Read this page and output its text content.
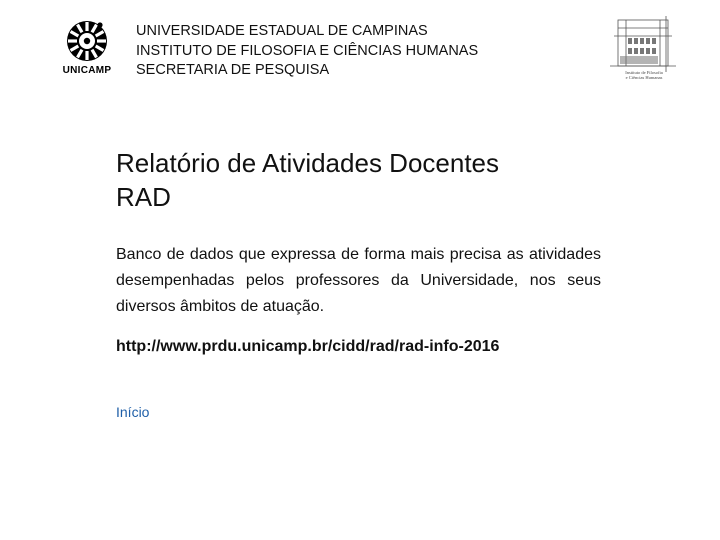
UNICAMP
UNIVERSIDADE ESTADUAL DE CAMPINAS
INSTITUTO DE FILOSOFIA E CIÊNCIAS HUMANAS
SECRETARIA DE PESQUISA	Instituto de Filosofia
e Ciências Humanas
Relatório de Atividades Docentes
RAD
Banco de dados que expressa de forma mais precisa as atividades desempenhadas pelos professores da Universidade, nos seus diversos âmbitos de atuação.
http://www.prdu.unicamp.br/cidd/rad/rad-info-2016
Início
